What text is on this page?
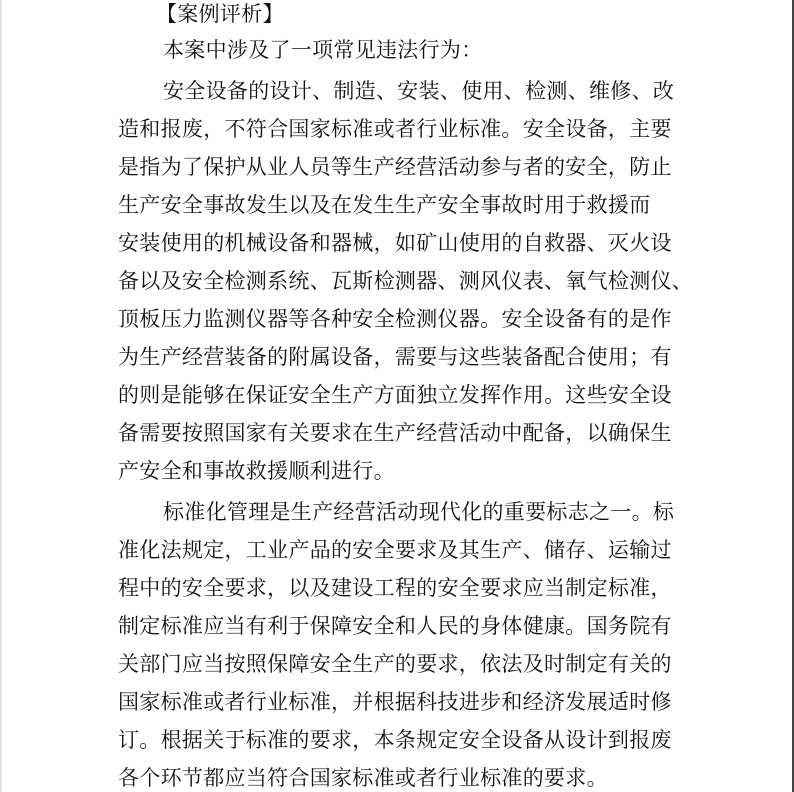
【案例评析】
本案中涉及了一项常见违法行为：
安全设备的设计、制造、安装、使用、检测、维修、改
造和报废，不符合国家标准或者行业标准。安全设备，主要
是指为了保护从业人员等生产经营活动参与者的安全，防止
生产安全事故发生以及在发生生产安全事故时用于救援而
安装使用的机械设备和器械，如矿山使用的自救器、灭火设
备以及安全检测系统、瓦斯检测器、测风仪表、氧气检测仪、
顶板压力监测仪器等各种安全检测仪器。安全设备有的是作
为生产经营装备的附属设备，需要与这些装备配合使用；有
的则是能够在保证安全生产方面独立发挥作用。这些安全设
备需要按照国家有关要求在生产经营活动中配备，以确保生
产安全和事故救援顺利进行。
标准化管理是生产经营活动现代化的重要标志之一。标
准化法规定，工业产品的安全要求及其生产、储存、运输过
程中的安全要求，以及建设工程的安全要求应当制定标准，
制定标准应当有利于保障安全和人民的身体健康。国务院有
关部门应当按照保障安全生产的要求，依法及时制定有关的
国家标准或者行业标准，并根据科技进步和经济发展适时修
订。根据关于标准的要求，本条规定安全设备从设计到报废
各个环节都应当符合国家标准或者行业标准的要求。
